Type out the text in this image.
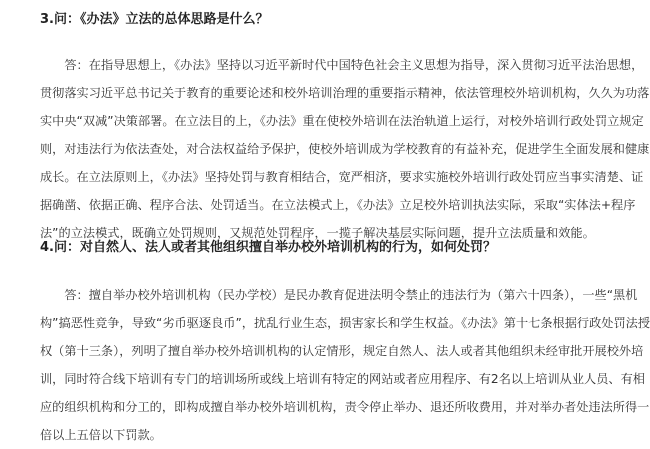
3.问：《办法》立法的总体思路是什么？
　　答：在指导思想上，《办法》坚持以习近平新时代中国特色社会主义思想为指导，深入贯彻习近平法治思想，
贯彻落实习近平总书记关于教育的重要论述和校外培训治理的重要指示精神，依法管理校外培训机构，久久为功落
实中央“双减”决策部署。在立法目的上，《办法》重在使校外培训在法治轨道上运行，对校外培训行政处罚立规定
则，对违法行为依法查处，对合法权益给予保护，使校外培训成为学校教育的有益补充，促进学生全面发展和健康
成长。在立法原则上，《办法》坚持处罚与教育相结合，宽严相济，要求实施校外培训行政处罚应当事实清楚、证
据确凿、依据正确、程序合法、处罚适当。在立法模式上，《办法》立足校外培训执法实际，采取“实体法+程序
法”的立法模式，既确立处罚规则，又规范处罚程序，一揽子解决基层实际问题，提升立法质量和效能。
4.问：对自然人、法人或者其他组织擅自举办校外培训机构的行为，如何处罚？
　　答：擅自举办校外培训机构（民办学校）是民办教育促进法明令禁止的违法行为（第六十四条），一些“黑机
构”搞恶性竞争，导致“劣币驱逐良币”，扰乱行业生态，损害家长和学生权益。《办法》第十七条根据行政处罚法授
权（第十三条），列明了擅自举办校外培训机构的认定情形，规定自然人、法人或者其他组织未经审批开展校外培
训，同时符合线下培训有专门的培训场所或线上培训有特定的网站或者应用程序、有2名以上培训从业人员、有相
应的组织机构和分工的，即构成擅自举办校外培训机构，责令停止举办、退还所收费用，并对举办者处违法所得一
倍以上五倍以下罚款。
